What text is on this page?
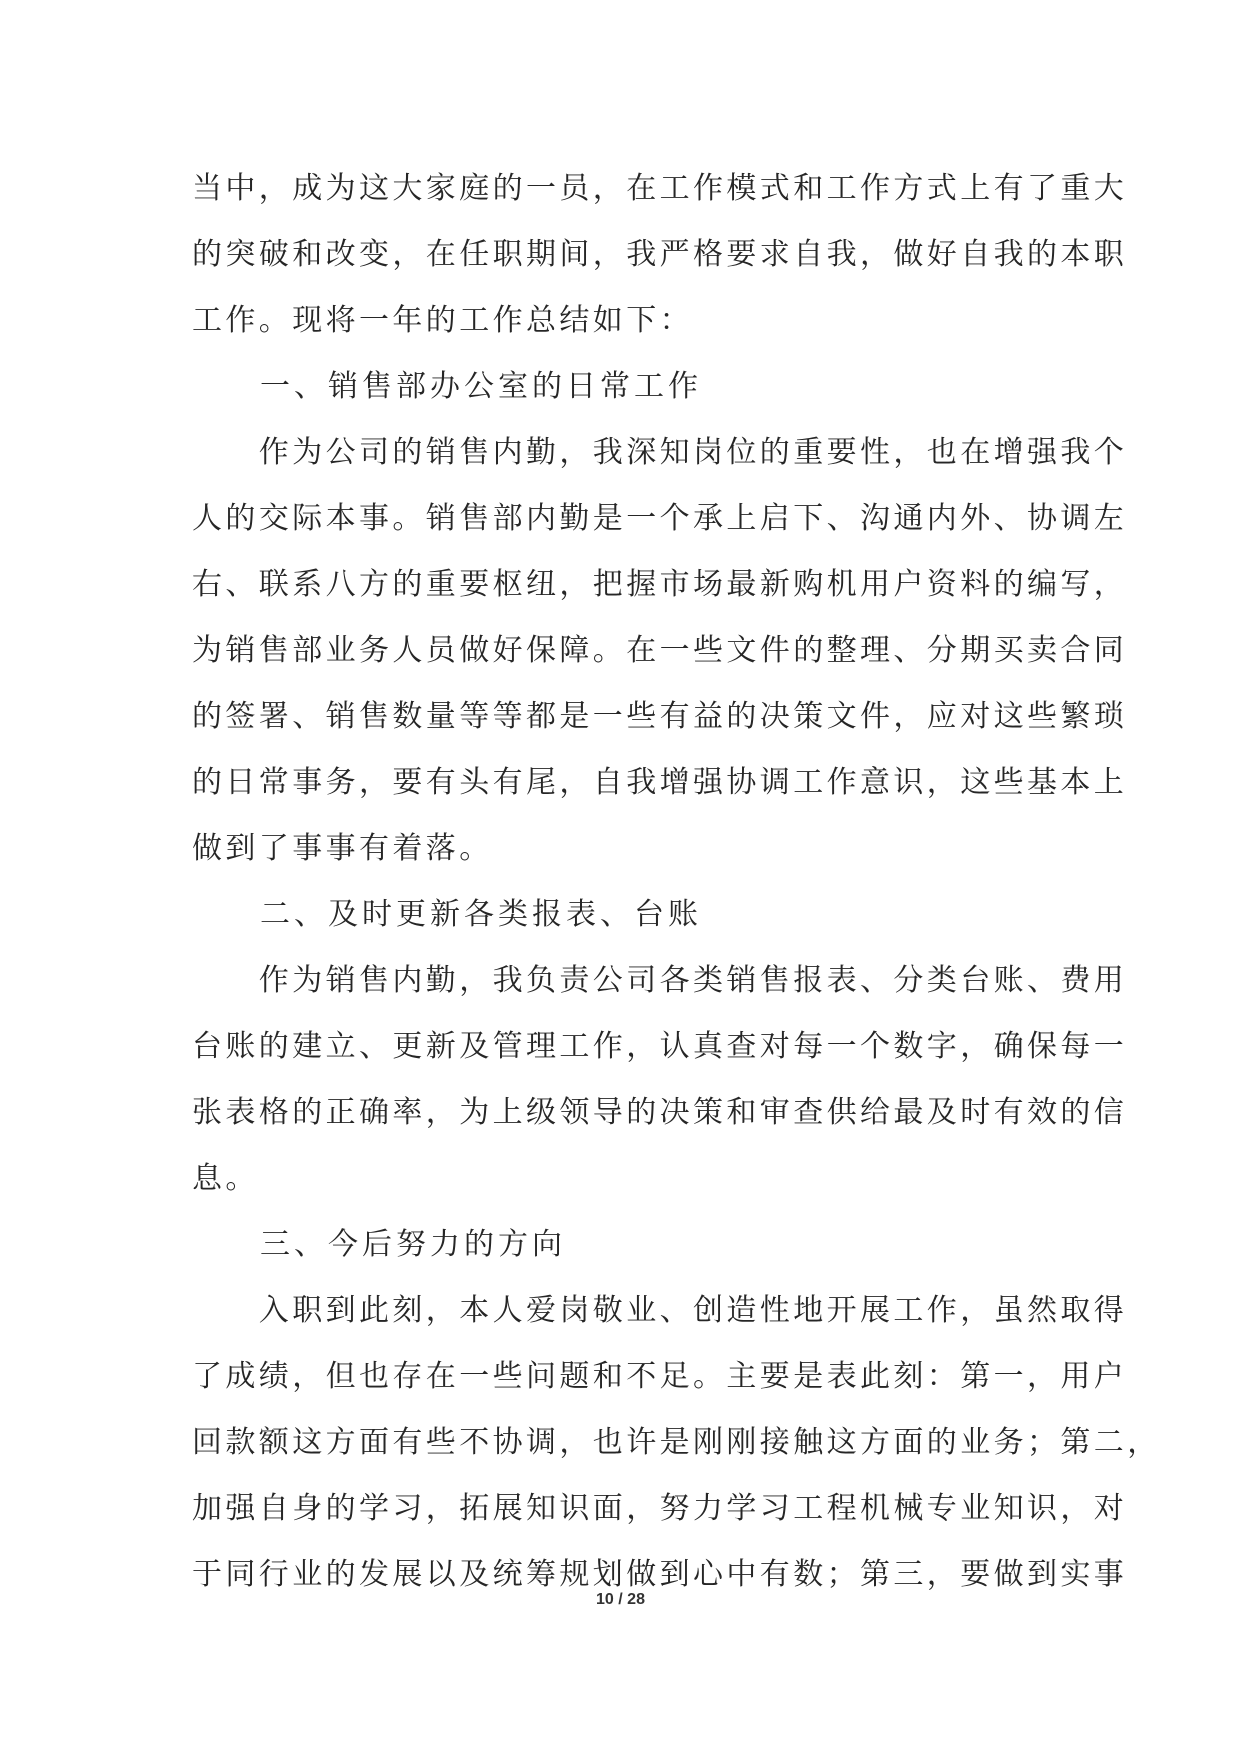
当中，成为这大家庭的一员，在工作模式和工作方式上有了重大
的突破和改变，在任职期间，我严格要求自我，做好自我的本职
工作。现将一年的工作总结如下：
　　一、销售部办公室的日常工作
　　作为公司的销售内勤，我深知岗位的重要性，也在增强我个
人的交际本事。销售部内勤是一个承上启下、沟通内外、协调左
右、联系八方的重要枢纽，把握市场最新购机用户资料的编写，
为销售部业务人员做好保障。在一些文件的整理、分期买卖合同
的签署、销售数量等等都是一些有益的决策文件，应对这些繁琐
的日常事务，要有头有尾，自我增强协调工作意识，这些基本上
做到了事事有着落。
　　二、及时更新各类报表、台账
　　作为销售内勤，我负责公司各类销售报表、分类台账、费用
台账的建立、更新及管理工作，认真查对每一个数字，确保每一
张表格的正确率，为上级领导的决策和审查供给最及时有效的信
息。
　　三、今后努力的方向
　　入职到此刻，本人爱岗敬业、创造性地开展工作，虽然取得
了成绩，但也存在一些问题和不足。主要是表此刻：第一，用户
回款额这方面有些不协调，也许是刚刚接触这方面的业务；第二，
加强自身的学习，拓展知识面，努力学习工程机械专业知识，对
于同行业的发展以及统筹规划做到心中有数；第三，要做到实事
10 / 28
